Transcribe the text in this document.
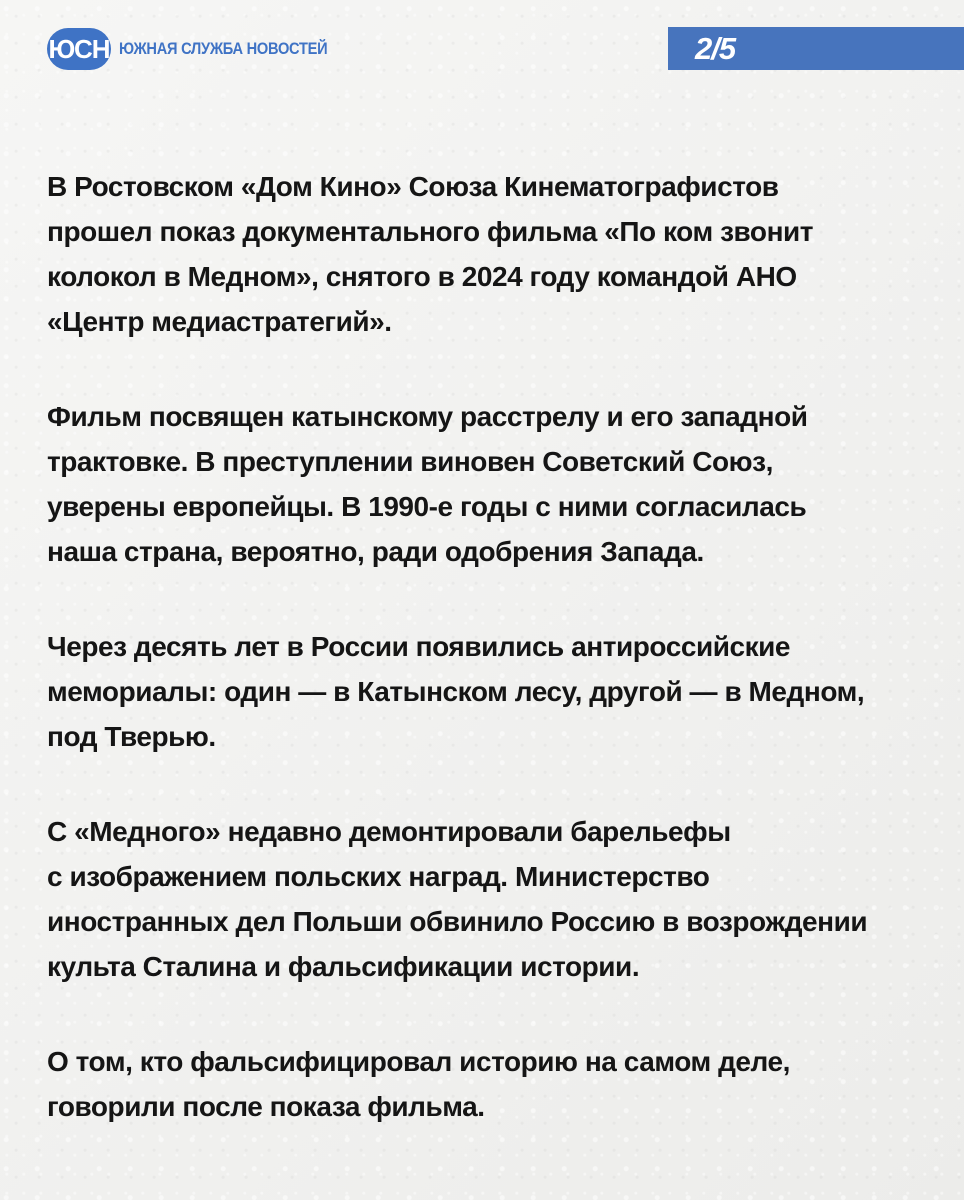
ЮСН ЮЖНАЯ СЛУЖБА НОВОСТЕЙ	2/5

В Ростовском «Дом Кино» Союза Кинематографистов
прошел показ документального фильма «По ком звонит
колокол в Медном», снятого в 2024 году командой АНО
«Центр медиастратегий».

Фильм посвящен катынскому расстрелу и его западной
трактовке. В преступлении виновен Советский Союз,
уверены европейцы. В 1990-е годы с ними согласилась
наша страна, вероятно, ради одобрения Запада.

Через десять лет в России появились антироссийские
мемориалы: один — в Катынском лесу, другой — в Медном,
под Тверью.

С «Медного» недавно демонтировали барельефы
с изображением польских наград. Министерство
иностранных дел Польши обвинило Россию в возрождении
культа Сталина и фальсификации истории.

О том, кто фальсифицировал историю на самом деле,
говорили после показа фильма.
